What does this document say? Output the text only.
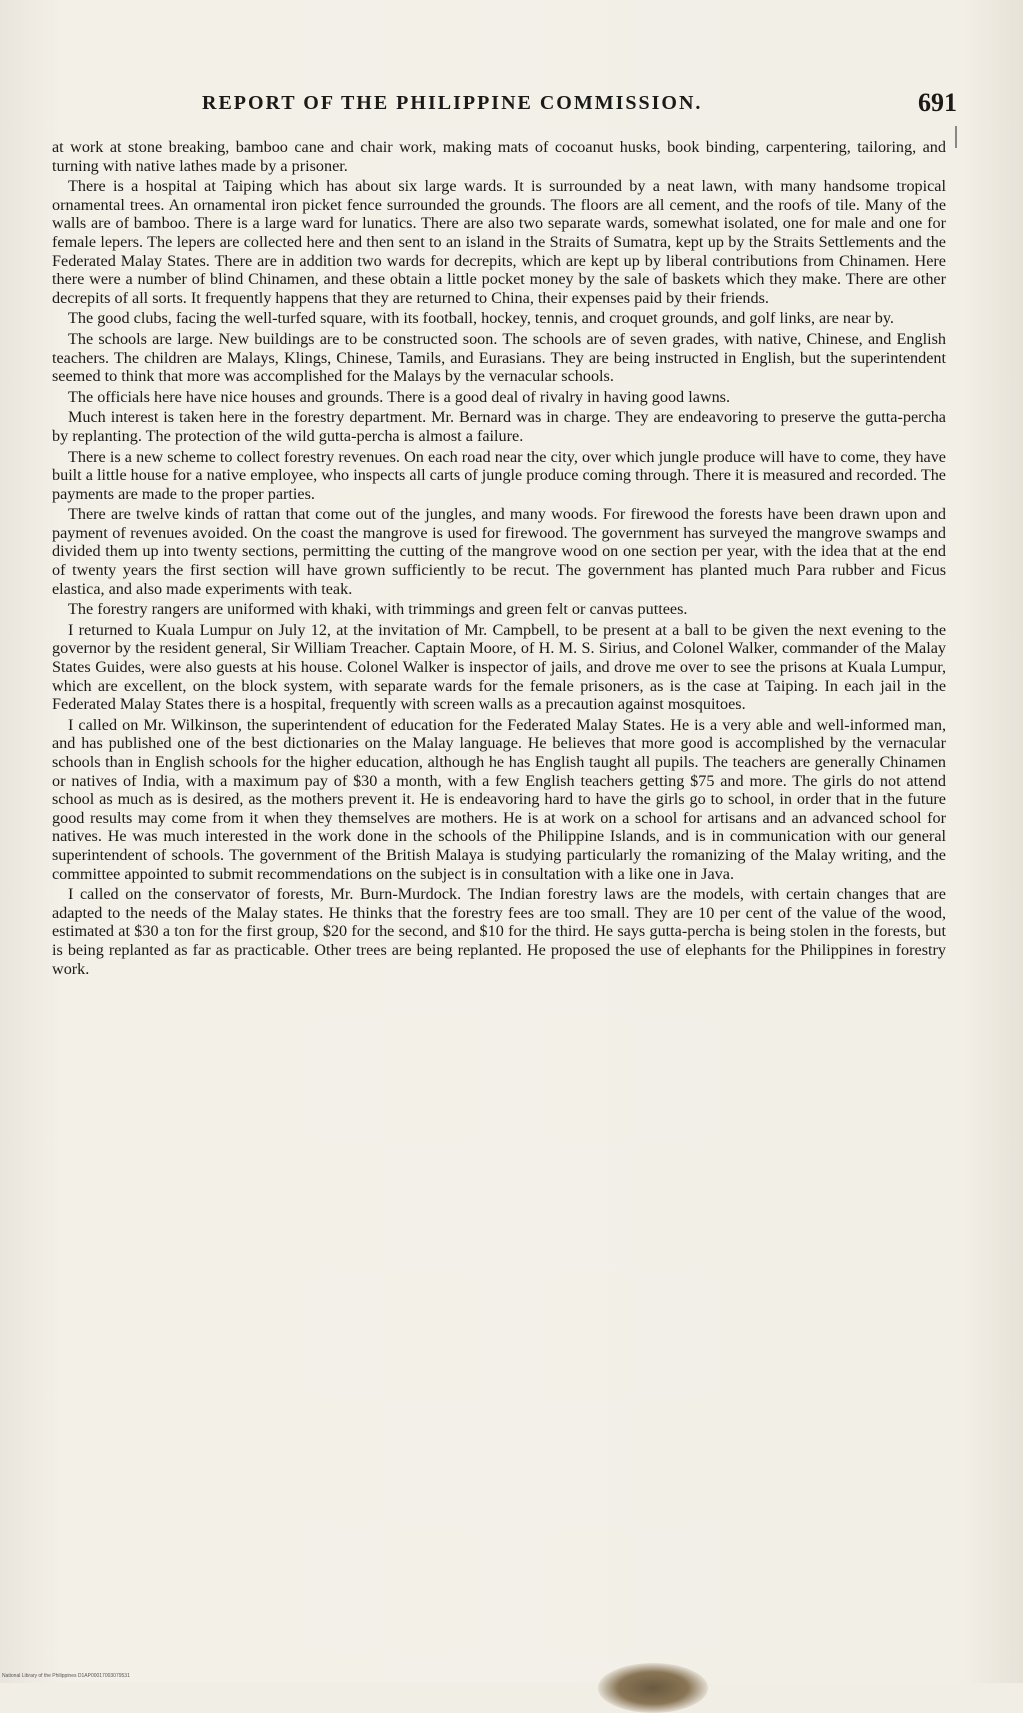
REPORT OF THE PHILIPPINE COMMISSION.	691

at work at stone breaking, bamboo cane and chair work, making mats of cocoanut husks, book binding, carpentering, tailoring, and turning with native lathes made by a prisoner.

There is a hospital at Taiping which has about six large wards. It is surrounded by a neat lawn, with many handsome tropical ornamental trees. An ornamental iron picket fence surrounded the grounds. The floors are all cement, and the roofs of tile. Many of the walls are of bamboo. There is a large ward for lunatics. There are also two separate wards, somewhat isolated, one for male and one for female lepers. The lepers are collected here and then sent to an island in the Straits of Sumatra, kept up by the Straits Settlements and the Federated Malay States. There are in addition two wards for decrepits, which are kept up by liberal contributions from Chinamen. Here there were a number of blind Chinamen, and these obtain a little pocket money by the sale of baskets which they make. There are other decrepits of all sorts. It frequently happens that they are returned to China, their expenses paid by their friends.

The good clubs, facing the well-turfed square, with its football, hockey, tennis, and croquet grounds, and golf links, are near by.

The schools are large. New buildings are to be constructed soon. The schools are of seven grades, with native, Chinese, and English teachers. The children are Malays, Klings, Chinese, Tamils, and Eurasians. They are being instructed in English, but the superintendent seemed to think that more was accomplished for the Malays by the vernacular schools.

The officials here have nice houses and grounds. There is a good deal of rivalry in having good lawns.

Much interest is taken here in the forestry department. Mr. Bernard was in charge. They are endeavoring to preserve the gutta-percha by replanting. The protection of the wild gutta-percha is almost a failure.

There is a new scheme to collect forestry revenues. On each road near the city, over which jungle produce will have to come, they have built a little house for a native employee, who inspects all carts of jungle produce coming through. There it is measured and recorded. The payments are made to the proper parties.

There are twelve kinds of rattan that come out of the jungles, and many woods. For firewood the forests have been drawn upon and payment of revenues avoided. On the coast the mangrove is used for firewood. The government has surveyed the mangrove swamps and divided them up into twenty sections, permitting the cutting of the mangrove wood on one section per year, with the idea that at the end of twenty years the first section will have grown sufficiently to be recut. The government has planted much Para rubber and Ficus elastica, and also made experiments with teak.

The forestry rangers are uniformed with khaki, with trimmings and green felt or canvas puttees.

I returned to Kuala Lumpur on July 12, at the invitation of Mr. Campbell, to be present at a ball to be given the next evening to the governor by the resident general, Sir William Treacher. Captain Moore, of H. M. S. Sirius, and Colonel Walker, commander of the Malay States Guides, were also guests at his house. Colonel Walker is inspector of jails, and drove me over to see the prisons at Kuala Lumpur, which are excellent, on the block system, with separate wards for the female prisoners, as is the case at Taiping. In each jail in the Federated Malay States there is a hospital, frequently with screen walls as a precaution against mosquitoes.

I called on Mr. Wilkinson, the superintendent of education for the Federated Malay States. He is a very able and well-informed man, and has published one of the best dictionaries on the Malay language. He believes that more good is accomplished by the vernacular schools than in English schools for the higher education, although he has English taught all pupils. The teachers are generally Chinamen or natives of India, with a maximum pay of $30 a month, with a few English teachers getting $75 and more. The girls do not attend school as much as is desired, as the mothers prevent it. He is endeavoring hard to have the girls go to school, in order that in the future good results may come from it when they themselves are mothers. He is at work on a school for artisans and an advanced school for natives. He was much interested in the work done in the schools of the Philippine Islands, and is in communication with our general superintendent of schools. The government of the British Malaya is studying particularly the romanizing of the Malay writing, and the committee appointed to submit recommendations on the subject is in consultation with a like one in Java.

I called on the conservator of forests, Mr. Burn-Murdock. The Indian forestry laws are the models, with certain changes that are adapted to the needs of the Malay states. He thinks that the forestry fees are too small. They are 10 per cent of the value of the wood, estimated at $30 a ton for the first group, $20 for the second, and $10 for the third. He says gutta-percha is being stolen in the forests, but is being replanted as far as practicable. Other trees are being replanted. He proposed the use of elephants for the Philippines in forestry work.

National Library of the Philippines D1AP00017003079531
